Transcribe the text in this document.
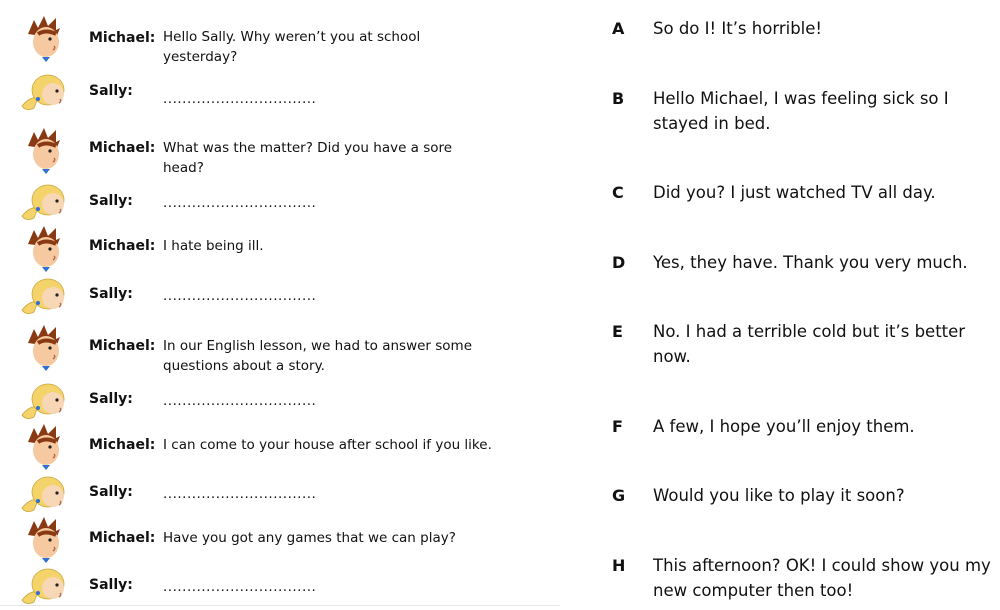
Michael: Hello Sally. Why weren’t you at school
yesterday?
Sally: ................................
Michael: What was the matter? Did you have a sore
head?
Sally: ................................
Michael: I hate being ill.
Sally: ................................
Michael: In our English lesson, we had to answer some
questions about a story.
Sally: ................................
Michael: I can come to your house after school if you like.
Sally: ................................
Michael: Have you got any games that we can play?
Sally: ................................
A So do I! It’s horrible!
B Hello Michael, I was feeling sick so I stayed in bed.
C Did you? I just watched TV all day.
D Yes, they have. Thank you very much.
E No. I had a terrible cold but it’s better now.
F A few, I hope you’ll enjoy them.
G Would you like to play it soon?
H This afternoon? OK! I could show you my new computer then too!
